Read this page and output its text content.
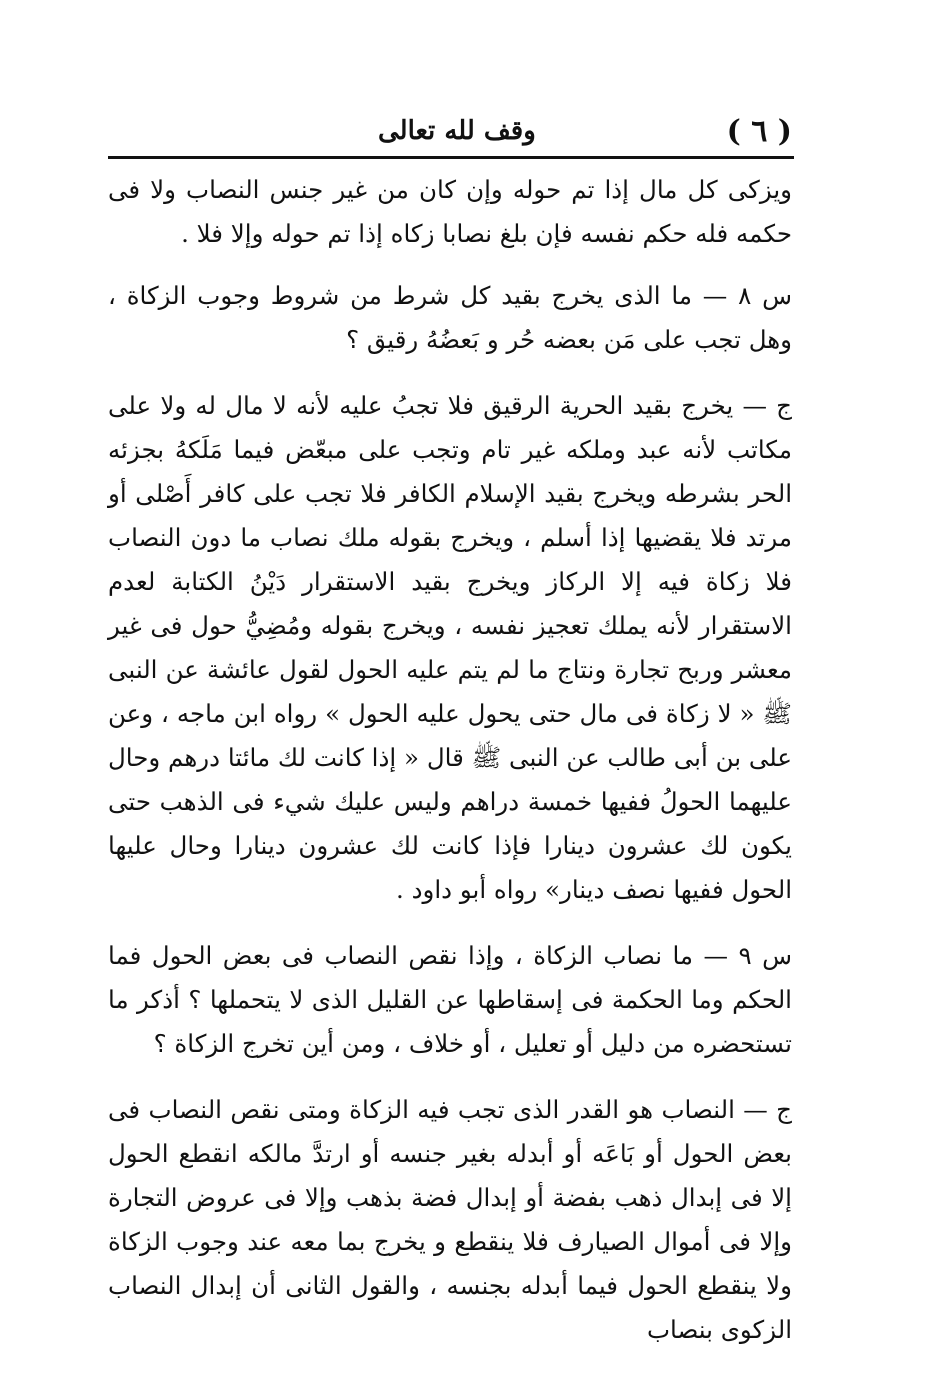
( ٦ )
وقف لله تعالى

ويزكى كل مال إذا تم حوله وإن كان من غير جنس النصاب ولا فى حكمه فله حكم نفسه فإن بلغ نصابا زكاه إذا تم حوله وإلا فلا .

س ٨ — ما الذى يخرج بقيد كل شرط من شروط وجوب الزكاة ، وهل تجب على مَن بعضه حُر و بَعضُهُ رقيق ؟

ج — يخرج بقيد الحرية الرقيق فلا تجبُ عليه لأنه لا مال له ولا على مكاتب لأنه عبد وملكه غير تام وتجب على مبعّض فيما مَلَكهُ بجزئه الحر بشرطه ويخرج بقيد الإسلام الكافر فلا تجب على كافر أَصْلى أو مرتد فلا يقضيها إذا أسلم ، ويخرج بقوله ملك نصاب ما دون النصاب فلا زكاة فيه إلا الركاز ويخرج بقيد الاستقرار دَيْنُ الكتابة لعدم الاستقرار لأنه يملك تعجيز نفسه ، ويخرج بقوله ومُضِيُّ حول فى غير معشر وربح تجارة ونتاج ما لم يتم عليه الحول لقول عائشة عن النبى ﷺ « لا زكاة فى مال حتى يحول عليه الحول » رواه ابن ماجه ، وعن على بن أبى طالب عن النبى ﷺ قال « إذا كانت لك مائتا درهم وحال عليهما الحولُ ففيها خمسة دراهم وليس عليك شيء فى الذهب حتى يكون لك عشرون دينارا فإذا كانت لك عشرون دينارا وحال عليها الحول ففيها نصف دينار» رواه أبو داود .

س ٩ — ما نصاب الزكاة ، وإذا نقص النصاب فى بعض الحول فما الحكم وما الحكمة فى إسقاطها عن القليل الذى لا يتحملها ؟ أذكر ما تستحضره من دليل أو تعليل ، أو خلاف ، ومن أين تخرج الزكاة ؟

ج — النصاب هو القدر الذى تجب فيه الزكاة ومتى نقص النصاب فى بعض الحول أو بَاعَه أو أبدله بغير جنسه أو ارتدَّ مالكه انقطع الحول إلا فى إبدال ذهب بفضة أو إبدال فضة بذهب وإلا فى عروض التجارة وإلا فى أموال الصيارف فلا ينقطع و يخرج بما معه عند وجوب الزكاة ولا ينقطع الحول فيما أبدله بجنسه ، والقول الثانى أن إبدال النصاب الزكوى بنصاب
